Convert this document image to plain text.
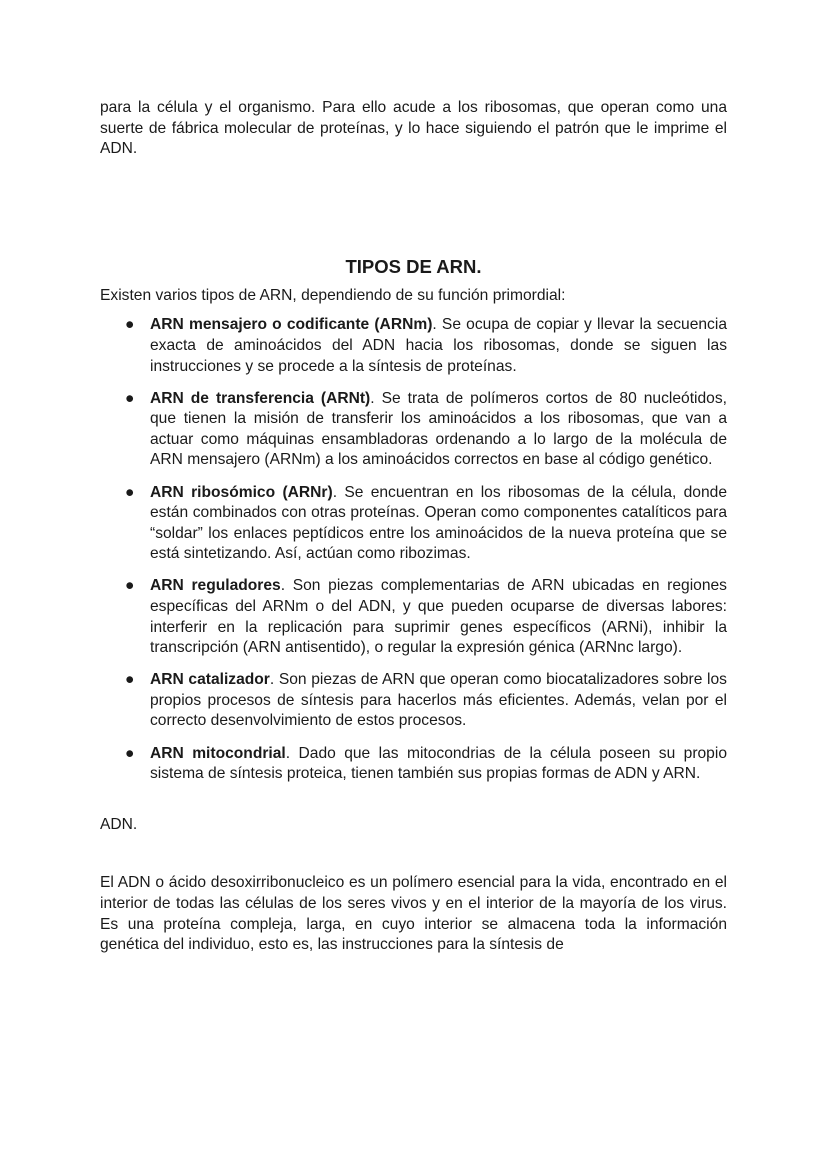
para la célula y el organismo. Para ello acude a los ribosomas, que operan como una suerte de fábrica molecular de proteínas, y lo hace siguiendo el patrón que le imprime el ADN.

TIPOS DE ARN.

Existen varios tipos de ARN, dependiendo de su función primordial:

● ARN mensajero o codificante (ARNm). Se ocupa de copiar y llevar la secuencia exacta de aminoácidos del ADN hacia los ribosomas, donde se siguen las instrucciones y se procede a la síntesis de proteínas.

● ARN de transferencia (ARNt). Se trata de polímeros cortos de 80 nucleótidos, que tienen la misión de transferir los aminoácidos a los ribosomas, que van a actuar como máquinas ensambladoras ordenando a lo largo de la molécula de ARN mensajero (ARNm) a los aminoácidos correctos en base al código genético.

● ARN ribosómico (ARNr). Se encuentran en los ribosomas de la célula, donde están combinados con otras proteínas. Operan como componentes catalíticos para “soldar” los enlaces peptídicos entre los aminoácidos de la nueva proteína que se está sintetizando. Así, actúan como ribozimas.

● ARN reguladores. Son piezas complementarias de ARN ubicadas en regiones específicas del ARNm o del ADN, y que pueden ocuparse de diversas labores: interferir en la replicación para suprimir genes específicos (ARNi), inhibir la transcripción (ARN antisentido), o regular la expresión génica (ARNnc largo).

● ARN catalizador. Son piezas de ARN que operan como biocatalizadores sobre los propios procesos de síntesis para hacerlos más eficientes. Además, velan por el correcto desenvolvimiento de estos procesos.

● ARN mitocondrial. Dado que las mitocondrias de la célula poseen su propio sistema de síntesis proteica, tienen también sus propias formas de ADN y ARN.

ADN.

El ADN o ácido desoxirribonucleico es un polímero esencial para la vida, encontrado en el interior de todas las células de los seres vivos y en el interior de la mayoría de los virus. Es una proteína compleja, larga, en cuyo interior se almacena toda la información genética del individuo, esto es, las instrucciones para la síntesis de
